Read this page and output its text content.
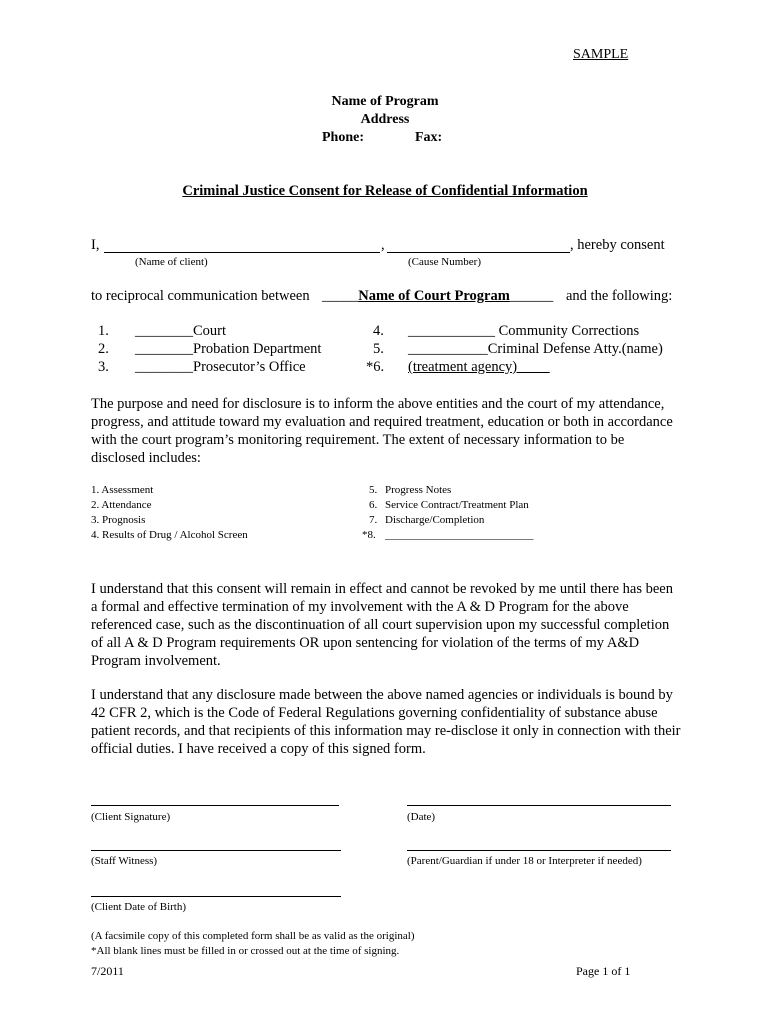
SAMPLE
Name of Program
Address
Phone:	Fax:
Criminal Justice Consent for Release of Confidential Information
I,	,	, hereby consent
(Name of client)	(Cause Number)
to reciprocal communication between _____Name of Court Program______ and the following:
1. ________Court
2. ________Probation Department
3. ________Prosecutor’s Office
4. ____________ Community Corrections
5. ___________Criminal Defense Atty.(name)
*6. (treatment agency)
The purpose and need for disclosure is to inform the above entities and the court of my attendance, progress, and attitude toward my evaluation and required treatment, education or both in accordance with the court program’s monitoring requirement. The extent of necessary information to be disclosed includes:
1. Assessment
2. Attendance
3. Prognosis
4. Results of Drug / Alcohol Screen
5. Progress Notes
6. Service Contract/Treatment Plan
7. Discharge/Completion
*8. ___________________________
I understand that this consent will remain in effect and cannot be revoked by me until there has been a formal and effective termination of my involvement with the A & D Program for the above referenced case, such as the discontinuation of all court supervision upon my successful completion of all A & D Program requirements OR upon sentencing for violation of the terms of my A&D Program involvement.
I understand that any disclosure made between the above named agencies or individuals is bound by 42 CFR 2, which is the Code of Federal Regulations governing confidentiality of substance abuse patient records, and that recipients of this information may re-disclose it only in connection with their official duties. I have received a copy of this signed form.
(Client Signature)	(Date)
(Staff Witness)	(Parent/Guardian if under 18 or Interpreter if needed)
(Client Date of Birth)
(A facsimile copy of this completed form shall be as valid as the original)
*All blank lines must be filled in or crossed out at the time of signing.
7/2011	Page 1 of 1
